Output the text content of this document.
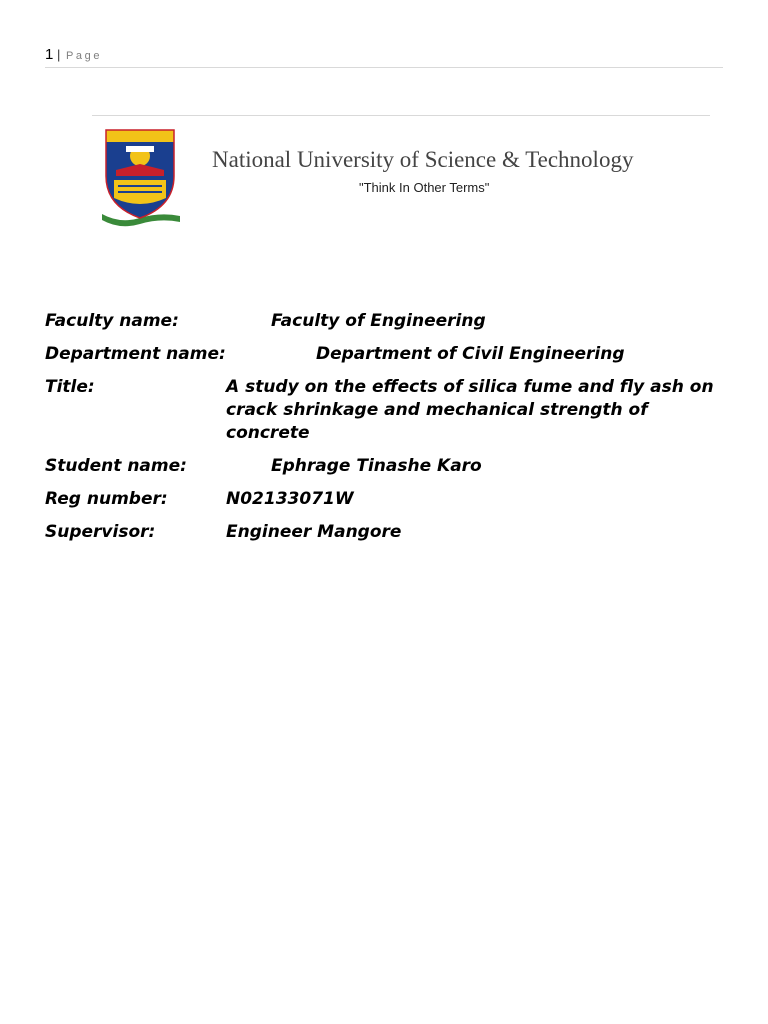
1 | Page
National University of Science & Technology
"Think In Other Terms"
Faculty name:	Faculty of Engineering
Department name:	Department of Civil Engineering
Title:	A study on the effects of silica fume and fly ash on crack shrinkage and mechanical strength of concrete
Student name:	Ephrage Tinashe Karo
Reg number:	N02133071W
Supervisor:	Engineer Mangore
